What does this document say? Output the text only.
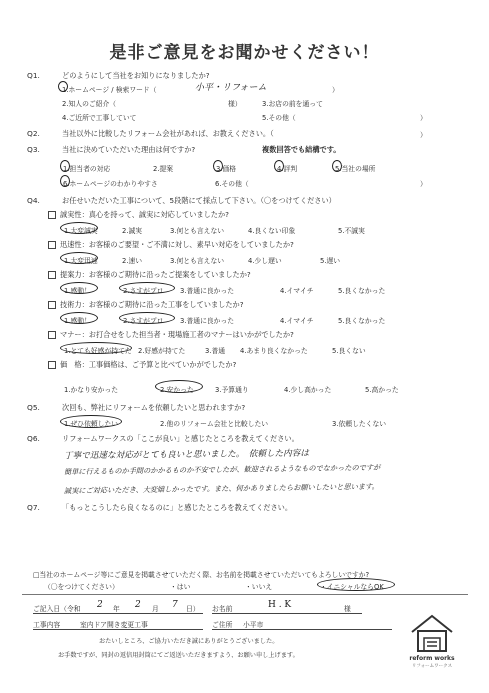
是非ご意見をお聞かせください！
Q1.	どのようにして当社をお知りになりましたか?
1.ホームページ / 検索ワード（	小平・リフォーム	）
2.知人のご紹介（	様）	3.お店の前を通って
4.ご近所で工事していて	5.その他（	）
Q2.	当社以外に比較したリフォーム会社があれば、お教えください。（	）
Q3.	当社に決めていただいた理由は何ですか?	複数回答でも結構です。
1.担当者の対応	2.提案	3.価格	4.評判	5.当社の場所
6.ホームページのわかりやすさ	6.その他（	）
Q4.	お任せいただいた工事について、5段階にて採点して下さい。（〇をつけてください）
誠実性：真心を持って、誠実に対応していましたか?
1.大変誠実	2.誠実	3.何とも言えない	4.良くない印象	5.不誠実
迅速性：お客様のご要望・ご不満に対し、素早い対応をしていましたか?
1.大変迅速	2.速い	3.何とも言えない	4.少し遅い	5.遅い
提案力：お客様のご期待に沿ったご提案をしていましたか?
1.感動！	2.さすがプロ 3.普通に良かった	4.イマイチ	5.良くなかった
技術力：お客様のご期待に沿った工事をしていましたか?
1.感動！	2.さすがプロ 3.普通に良かった	4.イマイチ	5.良くなかった
マナー：お打合せをした担当者・現場施工者のマナーはいかがでしたか?
1.とても好感が持てた 2.好感が持てた	3.普通 4.あまり良くなかった	5.良くない
価　格：工事価格は、ご予算と比べていかがでしたか?
1.かなり安かった	2.安かった	3.予算通り	4.少し高かった	5.高かった
Q5.	次回も、弊社にリフォームを依頼したいと思われますか?
1.ぜひ依頼したい	2.他のリフォーム会社と比較したい	3.依頼したくない
Q6.	リフォームワークスの「ここが良い」と感じたところを教えてください。
丁寧で迅速な対応がとても良いと思いました。　依頼した内容は
簡単に行えるものか手間のかかるものか不安でしたが、歓迎されるようなものでなかったのですが
誠実にご対応いただき、大変嬉しかったです。また、何かありましたらお願いしたいと思います。
Q7.	「もっとこうしたら良くなるのに」と感じたところを教えてください。
□当社のホームページ等にご意見を掲載させていただく際、お名前を掲載させていただいてもよろしいですか?
（〇をつけてください）	・はい	・いいえ	・イニシャルならOK
ご記入日（令和 2 年 2 月 7 日） お名前	H . K	様
工事内容	室内ドア開き変更工事	ご住所 小平市
おたいしところ、ご協力いただき誠にありがとうございました。
お手数ですが、同封の返信用封筒にてご返送いただきますよう、お願い申し上げます。	reform works
リフォームワークス
